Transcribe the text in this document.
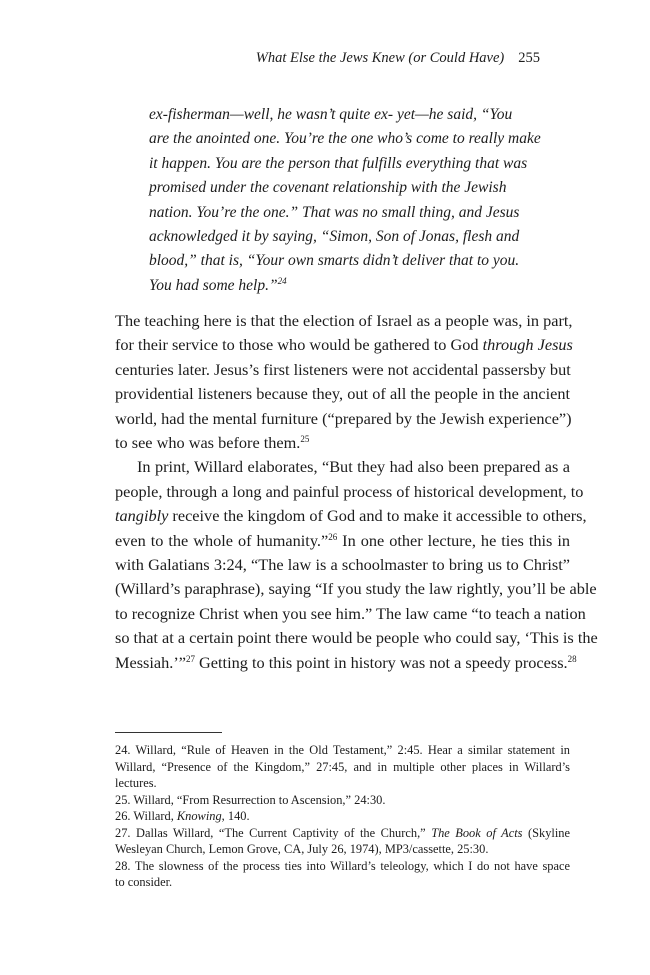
What Else the Jews Knew (or Could Have) 255
ex-fisherman—well, he wasn’t quite ex- yet—he said, “You
are the anointed one. You’re the one who’s come to really make
it happen. You are the person that fulfills everything that was
promised under the covenant relationship with the Jewish
nation. You’re the one.” That was no small thing, and Jesus
acknowledged it by saying, “Simon, Son of Jonas, flesh and
blood,” that is, “Your own smarts didn’t deliver that to you.
You had some help.”$^{24}$
The teaching here is that the election of Israel as a people was, in part,
for their service to those who would be gathered to God through Jesus
centuries later. Jesus’s first listeners were not accidental passersby but
providential listeners because they, out of all the people in the ancient
world, had the mental furniture (“prepared by the Jewish experience”)
to see who was before them.$^{25}$
In print, Willard elaborates, “But they had also been prepared as a
people, through a long and painful process of historical development, to
tangibly receive the kingdom of God and to make it accessible to others,
even to the whole of humanity.”$^{26}$ In one other lecture, he ties this in
with Galatians 3:24, “The law is a schoolmaster to bring us to Christ”
(Willard’s paraphrase), saying “If you study the law rightly, you’ll be able
to recognize Christ when you see him.” The law came “to teach a nation
so that at a certain point there would be people who could say, ‘This is the
Messiah.’”$^{27}$ Getting to this point in history was not a speedy process.$^{28}$
24. Willard, “Rule of Heaven in the Old Testament,” 2:45. Hear a similar statement in
Willard, “Presence of the Kingdom,” 27:45, and in multiple other places in Willard’s
lectures.
25. Willard, “From Resurrection to Ascension,” 24:30.
26. Willard, Knowing, 140.
27. Dallas Willard, “The Current Captivity of the Church,” The Book of Acts (Skyline
Wesleyan Church, Lemon Grove, CA, July 26, 1974), MP3/cassette, 25:30.
28. The slowness of the process ties into Willard’s teleology, which I do not have space
to consider.
